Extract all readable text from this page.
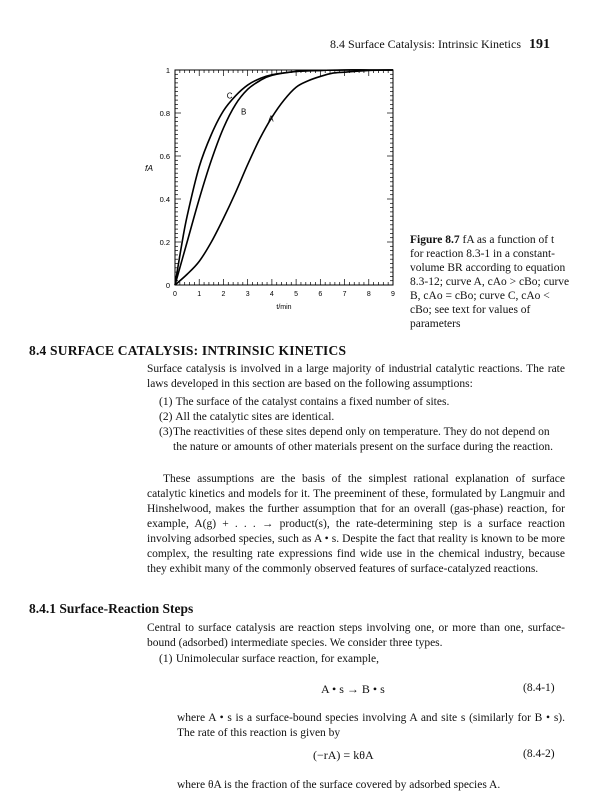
8.4 Surface Catalysis: Intrinsic Kinetics 191
0	1	2	3	4	5	6	7	8	9
0
0.2
0.4
0.6
0.8
1
t/min
fA
A
B
C
Figure 8.7 fA as a function of t for reaction 8.3-1 in a constant-volume BR according to equation 8.3-12; curve A, cAo > cBo; curve B, cAo = cBo; curve C, cAo < cBo; see text for values of parameters
8.4 SURFACE CATALYSIS: INTRINSIC KINETICS
Surface catalysis is involved in a large majority of industrial catalytic reactions. The rate laws developed in this section are based on the following assumptions:
(1) The surface of the catalyst contains a fixed number of sites.
(2) All the catalytic sites are identical.
(3) The reactivities of these sites depend only on temperature. They do not depend on the nature or amounts of other materials present on the surface during the reaction.
These assumptions are the basis of the simplest rational explanation of surface catalytic kinetics and models for it. The preeminent of these, formulated by Langmuir and Hinshelwood, makes the further assumption that for an overall (gas-phase) reaction, for example, A(g) + . . . → product(s), the rate-determining step is a surface reaction involving adsorbed species, such as A • s. Despite the fact that reality is known to be more complex, the resulting rate expressions find wide use in the chemical industry, because they exhibit many of the commonly observed features of surface-catalyzed reactions.
8.4.1 Surface-Reaction Steps
Central to surface catalysis are reaction steps involving one, or more than one, surface-bound (adsorbed) intermediate species. We consider three types.
(1) Unimolecular surface reaction, for example,
A • s → B • s	(8.4-1)
where A • s is a surface-bound species involving A and site s (similarly for B • s). The rate of this reaction is given by
(−rA) = kθA	(8.4-2)
where θA is the fraction of the surface covered by adsorbed species A.
